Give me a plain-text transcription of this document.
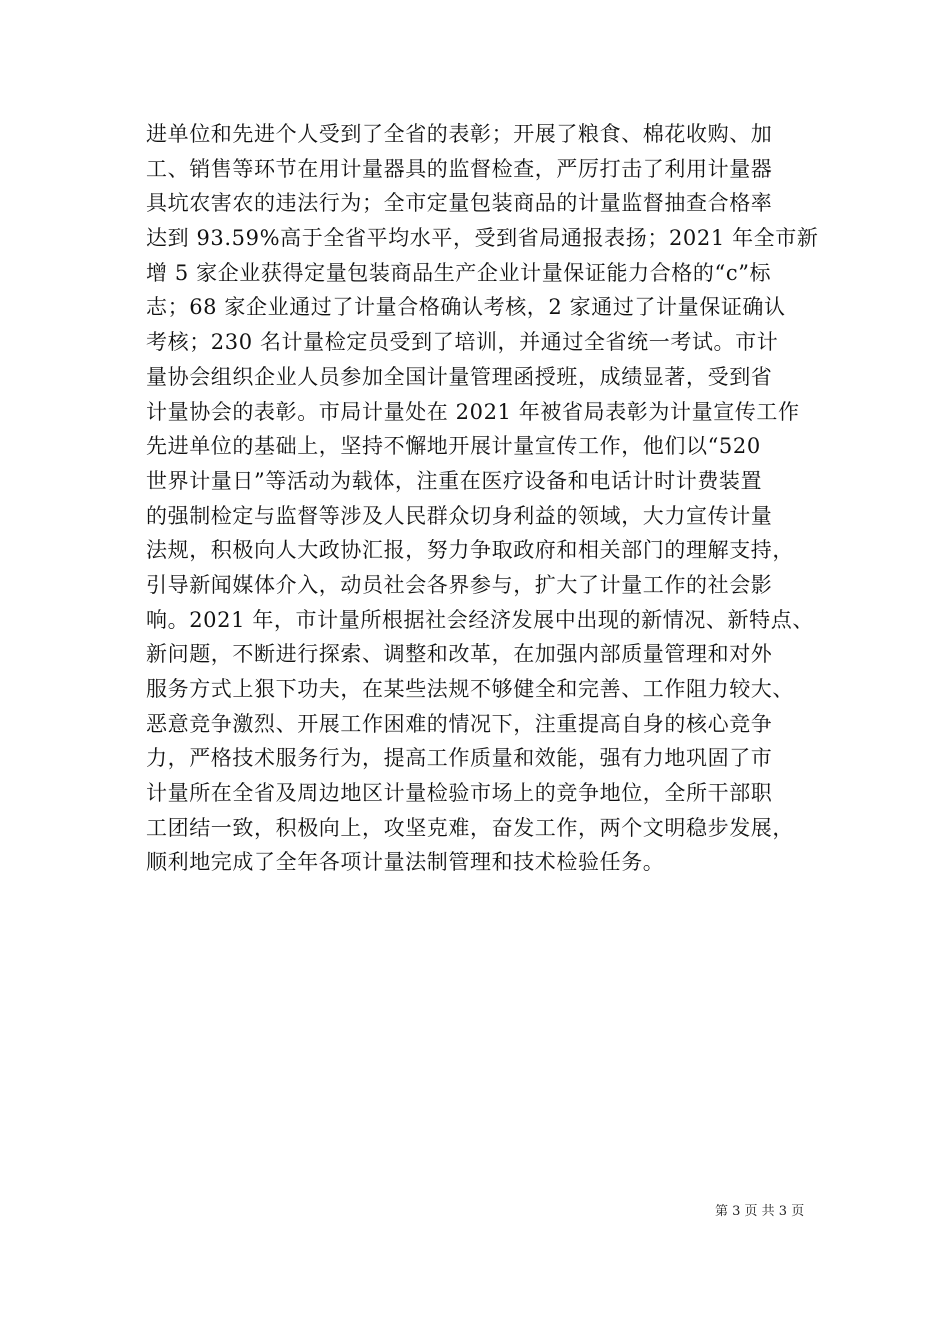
进单位和先进个人受到了全省的表彰；开展了粮食、棉花收购、加
工、销售等环节在用计量器具的监督检查，严厉打击了利用计量器
具坑农害农的违法行为；全市定量包装商品的计量监督抽查合格率
达到 93.59%高于全省平均水平，受到省局通报表扬；2021 年全市新
增 5 家企业获得定量包装商品生产企业计量保证能力合格的“c”标
志；68 家企业通过了计量合格确认考核，2 家通过了计量保证确认
考核；230 名计量检定员受到了培训，并通过全省统一考试。市计
量协会组织企业人员参加全国计量管理函授班，成绩显著，受到省
计量协会的表彰。市局计量处在 2021 年被省局表彰为计量宣传工作
先进单位的基础上，坚持不懈地开展计量宣传工作，他们以“520
世界计量日”等活动为载体，注重在医疗设备和电话计时计费装置
的强制检定与监督等涉及人民群众切身利益的领域，大力宣传计量
法规，积极向人大政协汇报，努力争取政府和相关部门的理解支持，
引导新闻媒体介入，动员社会各界参与，扩大了计量工作的社会影
响。2021 年，市计量所根据社会经济发展中出现的新情况、新特点、
新问题，不断进行探索、调整和改革，在加强内部质量管理和对外
服务方式上狠下功夫，在某些法规不够健全和完善、工作阻力较大、
恶意竞争激烈、开展工作困难的情况下，注重提高自身的核心竞争
力，严格技术服务行为，提高工作质量和效能，强有力地巩固了市
计量所在全省及周边地区计量检验市场上的竞争地位，全所干部职
工团结一致，积极向上，攻坚克难，奋发工作，两个文明稳步发展，
顺利地完成了全年各项计量法制管理和技术检验任务。
第 3 页 共 3 页
